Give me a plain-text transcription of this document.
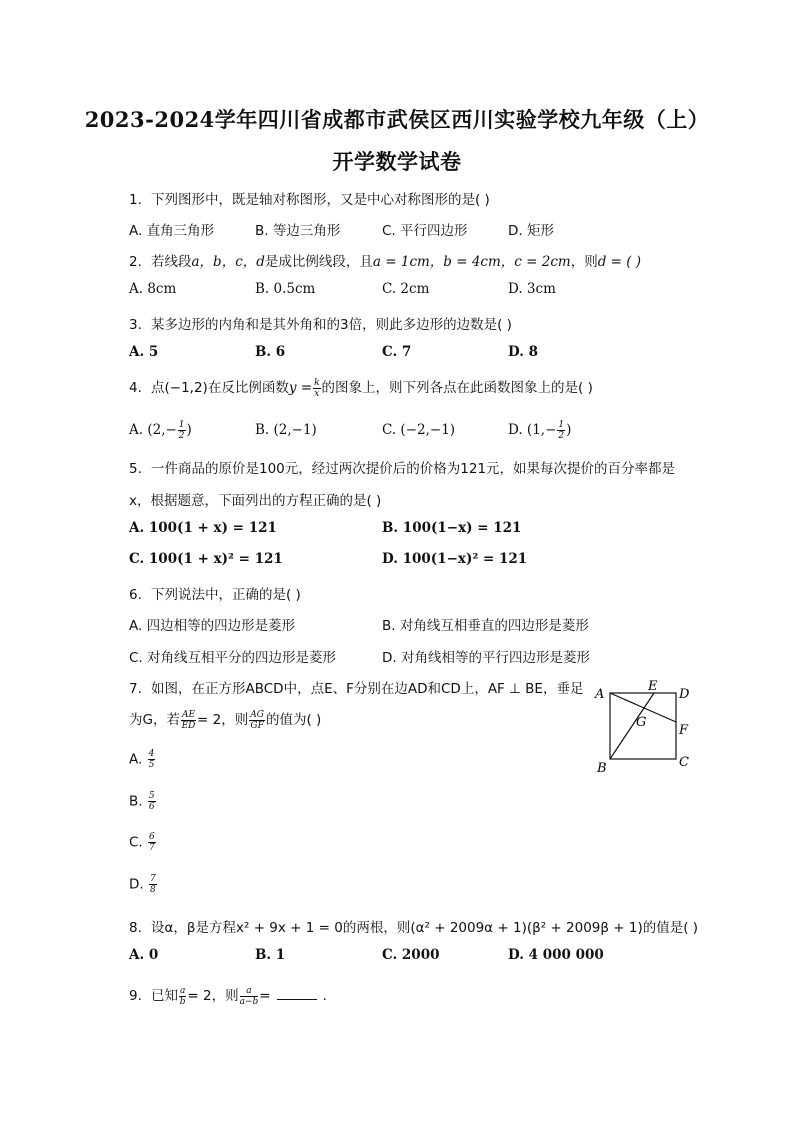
2023-2024学年四川省成都市武侯区西川实验学校九年级（上）
开学数学试卷
1. 下列图形中，既是轴对称图形，又是中心对称图形的是( )
A. 直角三角形	B. 等边三角形	C. 平行四边形	D. 矩形
2. 若线段a，b，c，d是成比例线段，且a = 1cm，b = 4cm，c = 2cm，则d = ( )
A. 8cm	B. 0.5cm	C. 2cm	D. 3cm
3. 某多边形的内角和是其外角和的3倍，则此多边形的边数是( )
A. 5	B. 6	C. 7	D. 8
4. 点(−1,2)在反比例函数$y = \frac{k}{x}$ 的图象上，则下列各点在此函数图象上的是( )
A. ($2,- \frac{1}{2}$ )	B. (2,−1)	C. (−2,−1)	D. ($1,- \frac{1}{2}$ )
5. 一件商品的原价是100元，经过两次提价后的价格为121元，如果每次提价的百分率都是
x，根据题意，下面列出的方程正确的是( )
A. 100(1 + x) = 121	B. 100(1−x) = 121
C. 100(1 + x)² = 121	D. 100(1−x)² = 121
6. 下列说法中，正确的是( )
A. 四边相等的四边形是菱形	B. 对角线互相垂直的四边形是菱形
C. 对角线互相平分的四边形是菱形	D. 对角线相等的平行四边形是菱形
7. 如图，在正方形ABCD中，点E、F分别在边AD和CD上，AF ⊥ BE，垂足
为G，若 $\frac{AE}{ED} = 2$，则 $\frac{AG}{GF}$ 的值为( )
A
E
D
G
F
B	C
A. $\frac{4}{5}$
B. $\frac{5}{6}$
C. $\frac{6}{7}$
D. $\frac{7}{8}$
8. 设α，β是方程x² + 9x + 1 = 0的两根，则(α² + 2009α + 1)(β² + 2009β + 1)的值是( )
A. 0	B. 1	C. 2000	D. 4 000 000
9. 已知 $\frac{a}{b} = 2$，则 $\frac{a}{a-b}$ =	.
